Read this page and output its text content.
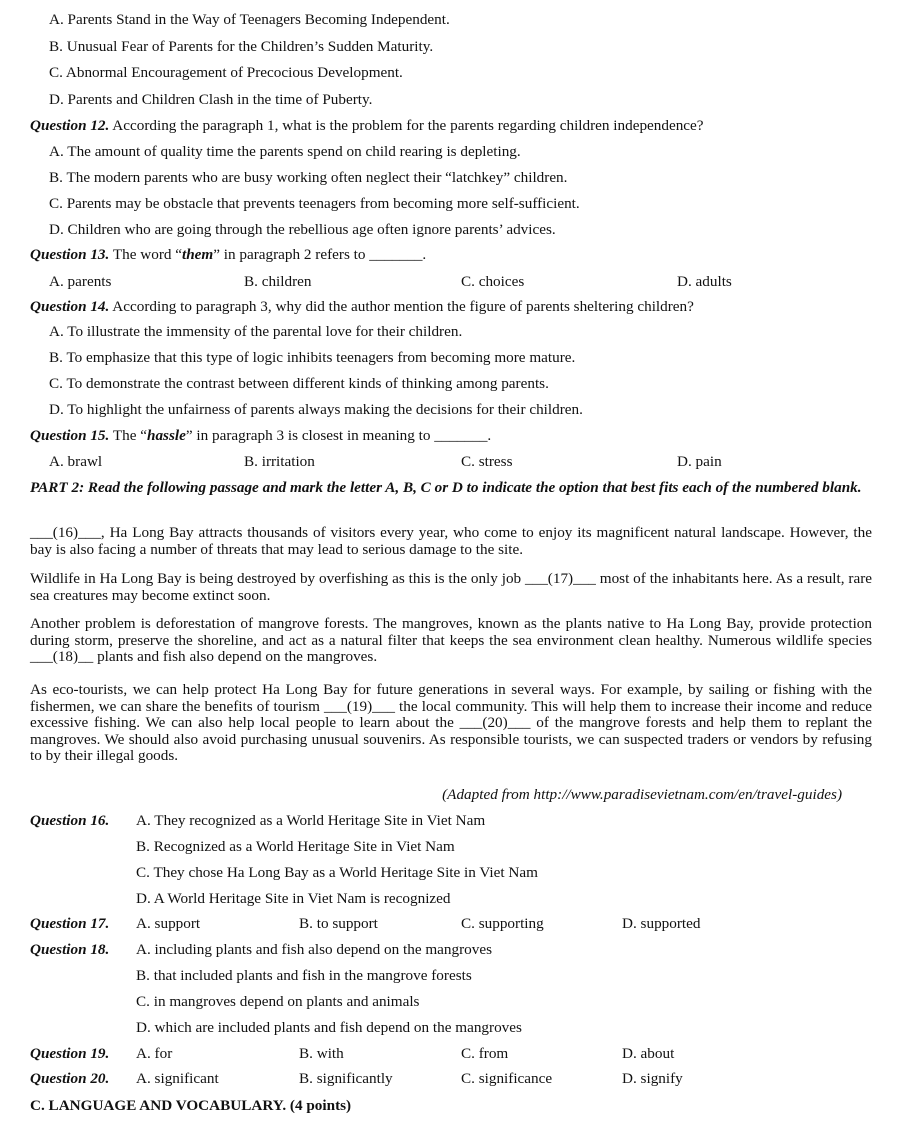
A. Parents Stand in the Way of Teenagers Becoming Independent.
B. Unusual Fear of Parents for the Children’s Sudden Maturity.
C. Abnormal Encouragement of Precocious Development.
D. Parents and Children Clash in the time of Puberty.
Question 12. According the paragraph 1, what is the problem for the parents regarding children independence?
A. The amount of quality time the parents spend on child rearing is depleting.
B. The modern parents who are busy working often neglect their “latchkey” children.
C. Parents may be obstacle that prevents teenagers from becoming more self-sufficient.
D. Children who are going through the rebellious age often ignore parents’ advices.
Question 13. The word “them” in paragraph 2 refers to _______.
A. parents	B. children	C. choices	D. adults
Question 14. According to paragraph 3, why did the author mention the figure of parents sheltering children?
A. To illustrate the immensity of the parental love for their children.
B. To emphasize that this type of logic inhibits teenagers from becoming more mature.
C. To demonstrate the contrast between different kinds of thinking among parents.
D. To highlight the unfairness of parents always making the decisions for their children.
Question 15. The “hassle” in paragraph 3 is closest in meaning to _______.
A. brawl	B. irritation	C. stress	D. pain
PART 2: Read the following passage and mark the letter A, B, C or D to indicate the option that best fits each of the numbered blank.
___(16)___, Ha Long Bay attracts thousands of visitors every year, who come to enjoy its magnificent natural landscape. However, the bay is also facing a number of threats that may lead to serious damage to the site.
Wildlife in Ha Long Bay is being destroyed by overfishing as this is the only job ___(17)___ most of the inhabitants here. As a result, rare sea creatures may become extinct soon.
Another problem is deforestation of mangrove forests. The mangroves, known as the plants native to Ha Long Bay, provide protection during storm, preserve the shoreline, and act as a natural filter that keeps the sea environment clean healthy. Numerous wildlife species ___(18)__ plants and fish also depend on the mangroves.
As eco-tourists, we can help protect Ha Long Bay for future generations in several ways. For example, by sailing or fishing with the fishermen, we can share the benefits of tourism ___(19)___ the local community. This will help them to increase their income and reduce excessive fishing. We can also help local people to learn about the ___(20)___ of the mangrove forests and help them to replant the mangroves. We should also avoid purchasing unusual souvenirs. As responsible tourists, we can suspected traders or vendors by refusing to by their illegal goods.
(Adapted from http://www.paradisevietnam.com/en/travel-guides)
Question 16. A. They recognized as a World Heritage Site in Viet Nam
B. Recognized as a World Heritage Site in Viet Nam
C. They chose Ha Long Bay as a World Heritage Site in Viet Nam
D. A World Heritage Site in Viet Nam is recognized
Question 17. A. support	B. to support	C. supporting	D. supported
Question 18. A. including plants and fish also depend on the mangroves
B. that included plants and fish in the mangrove forests
C. in mangroves depend on plants and animals
D. which are included plants and fish depend on the mangroves
Question 19. A. for	B. with	C. from	D. about
Question 20. A. significant	B. significantly	C. significance	D. signify
C. LANGUAGE AND VOCABULARY. (4 points)
